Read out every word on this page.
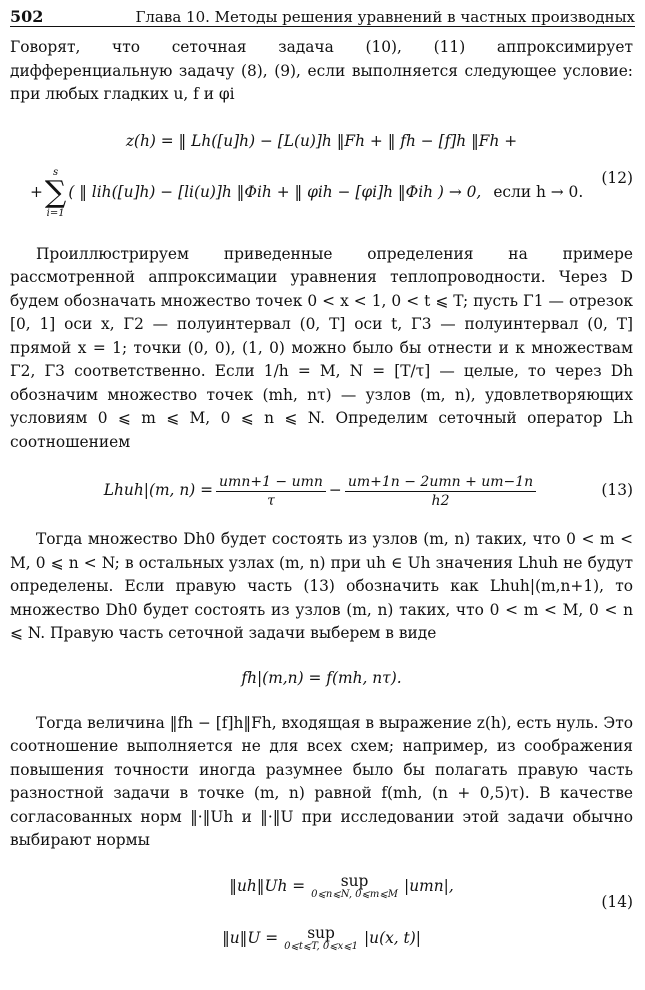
502	Глава 10. Методы решения уравнений в частных производных

Говорят, что сеточная задача (10), (11) аппроксимирует дифференциальную задачу (8), (9), если выполняется следующее условие: при любых гладких u, f и φi

z(h) = ‖ Lh([u]h) − [L(u)]h ‖Fh + ‖ fh − [f]h ‖Fh +
+
s
∑
i=1
( ‖ lih([u]h) − [li(u)]h ‖Φih + ‖ φih − [φi]h ‖Φih ) → 0, если h → 0.
(12)

Проиллюстрируем приведенные определения на примере рассмотренной аппроксимации уравнения теплопроводности. Через D будем обозначать множество точек 0 < x < 1, 0 < t ⩽ T; пусть Γ1 — отрезок [0, 1] оси x, Γ2 — полуинтервал (0, T] оси t, Γ3 — полуинтервал (0, T] прямой x = 1; точки (0, 0), (1, 0) можно было бы отнести и к множествам Γ2, Γ3 соответственно. Если 1/h = M, N = [T/τ] — целые, то через Dh обозначим множество точек (mh, nτ) — узлов (m, n), удовлетворяющих условиям 0 ⩽ m ⩽ M, 0 ⩽ n ⩽ N. Определим сеточный оператор Lh соотношением

Lhuh|(m, $n) = \frac{\text{umn+1 − umn}}{\tau} - \frac{\text{um+1n − 2umn + um−1n}}{h2}$	(13)

Тогда множество Dh0 будет состоять из узлов (m, n) таких, что 0 < m < M, 0 ⩽ n < N; в остальных узлах (m, n) при uh ∈ Uh значения Lhuh не будут определены. Если правую часть (13) обозначить как Lhuh|(m,n+1), то множество Dh0 будет состоять из узлов (m, n) таких, что 0 < m < M, 0 < n ⩽ N. Правую часть сеточной задачи выберем в виде

fh|(m,n) = f(mh, nτ).

Тогда величина ‖fh − [f]h‖Fh, входящая в выражение z(h), есть нуль. Это соотношение выполняется не для всех схем; например, из соображения повышения точности иногда разумнее было бы полагать правую часть разностной задачи в точке (m, n) равной f(mh, (n + 0,5)τ). В качестве согласованных норм ‖·‖Uh и ‖·‖U при исследовании этой задачи обычно выбирают нормы

‖uh‖Uh = sup
0⩽n⩽N, 0⩽m⩽M |umn|,
(14)
‖u‖U = sup
0⩽t⩽T, 0⩽x⩽1 |u(x, t)|
